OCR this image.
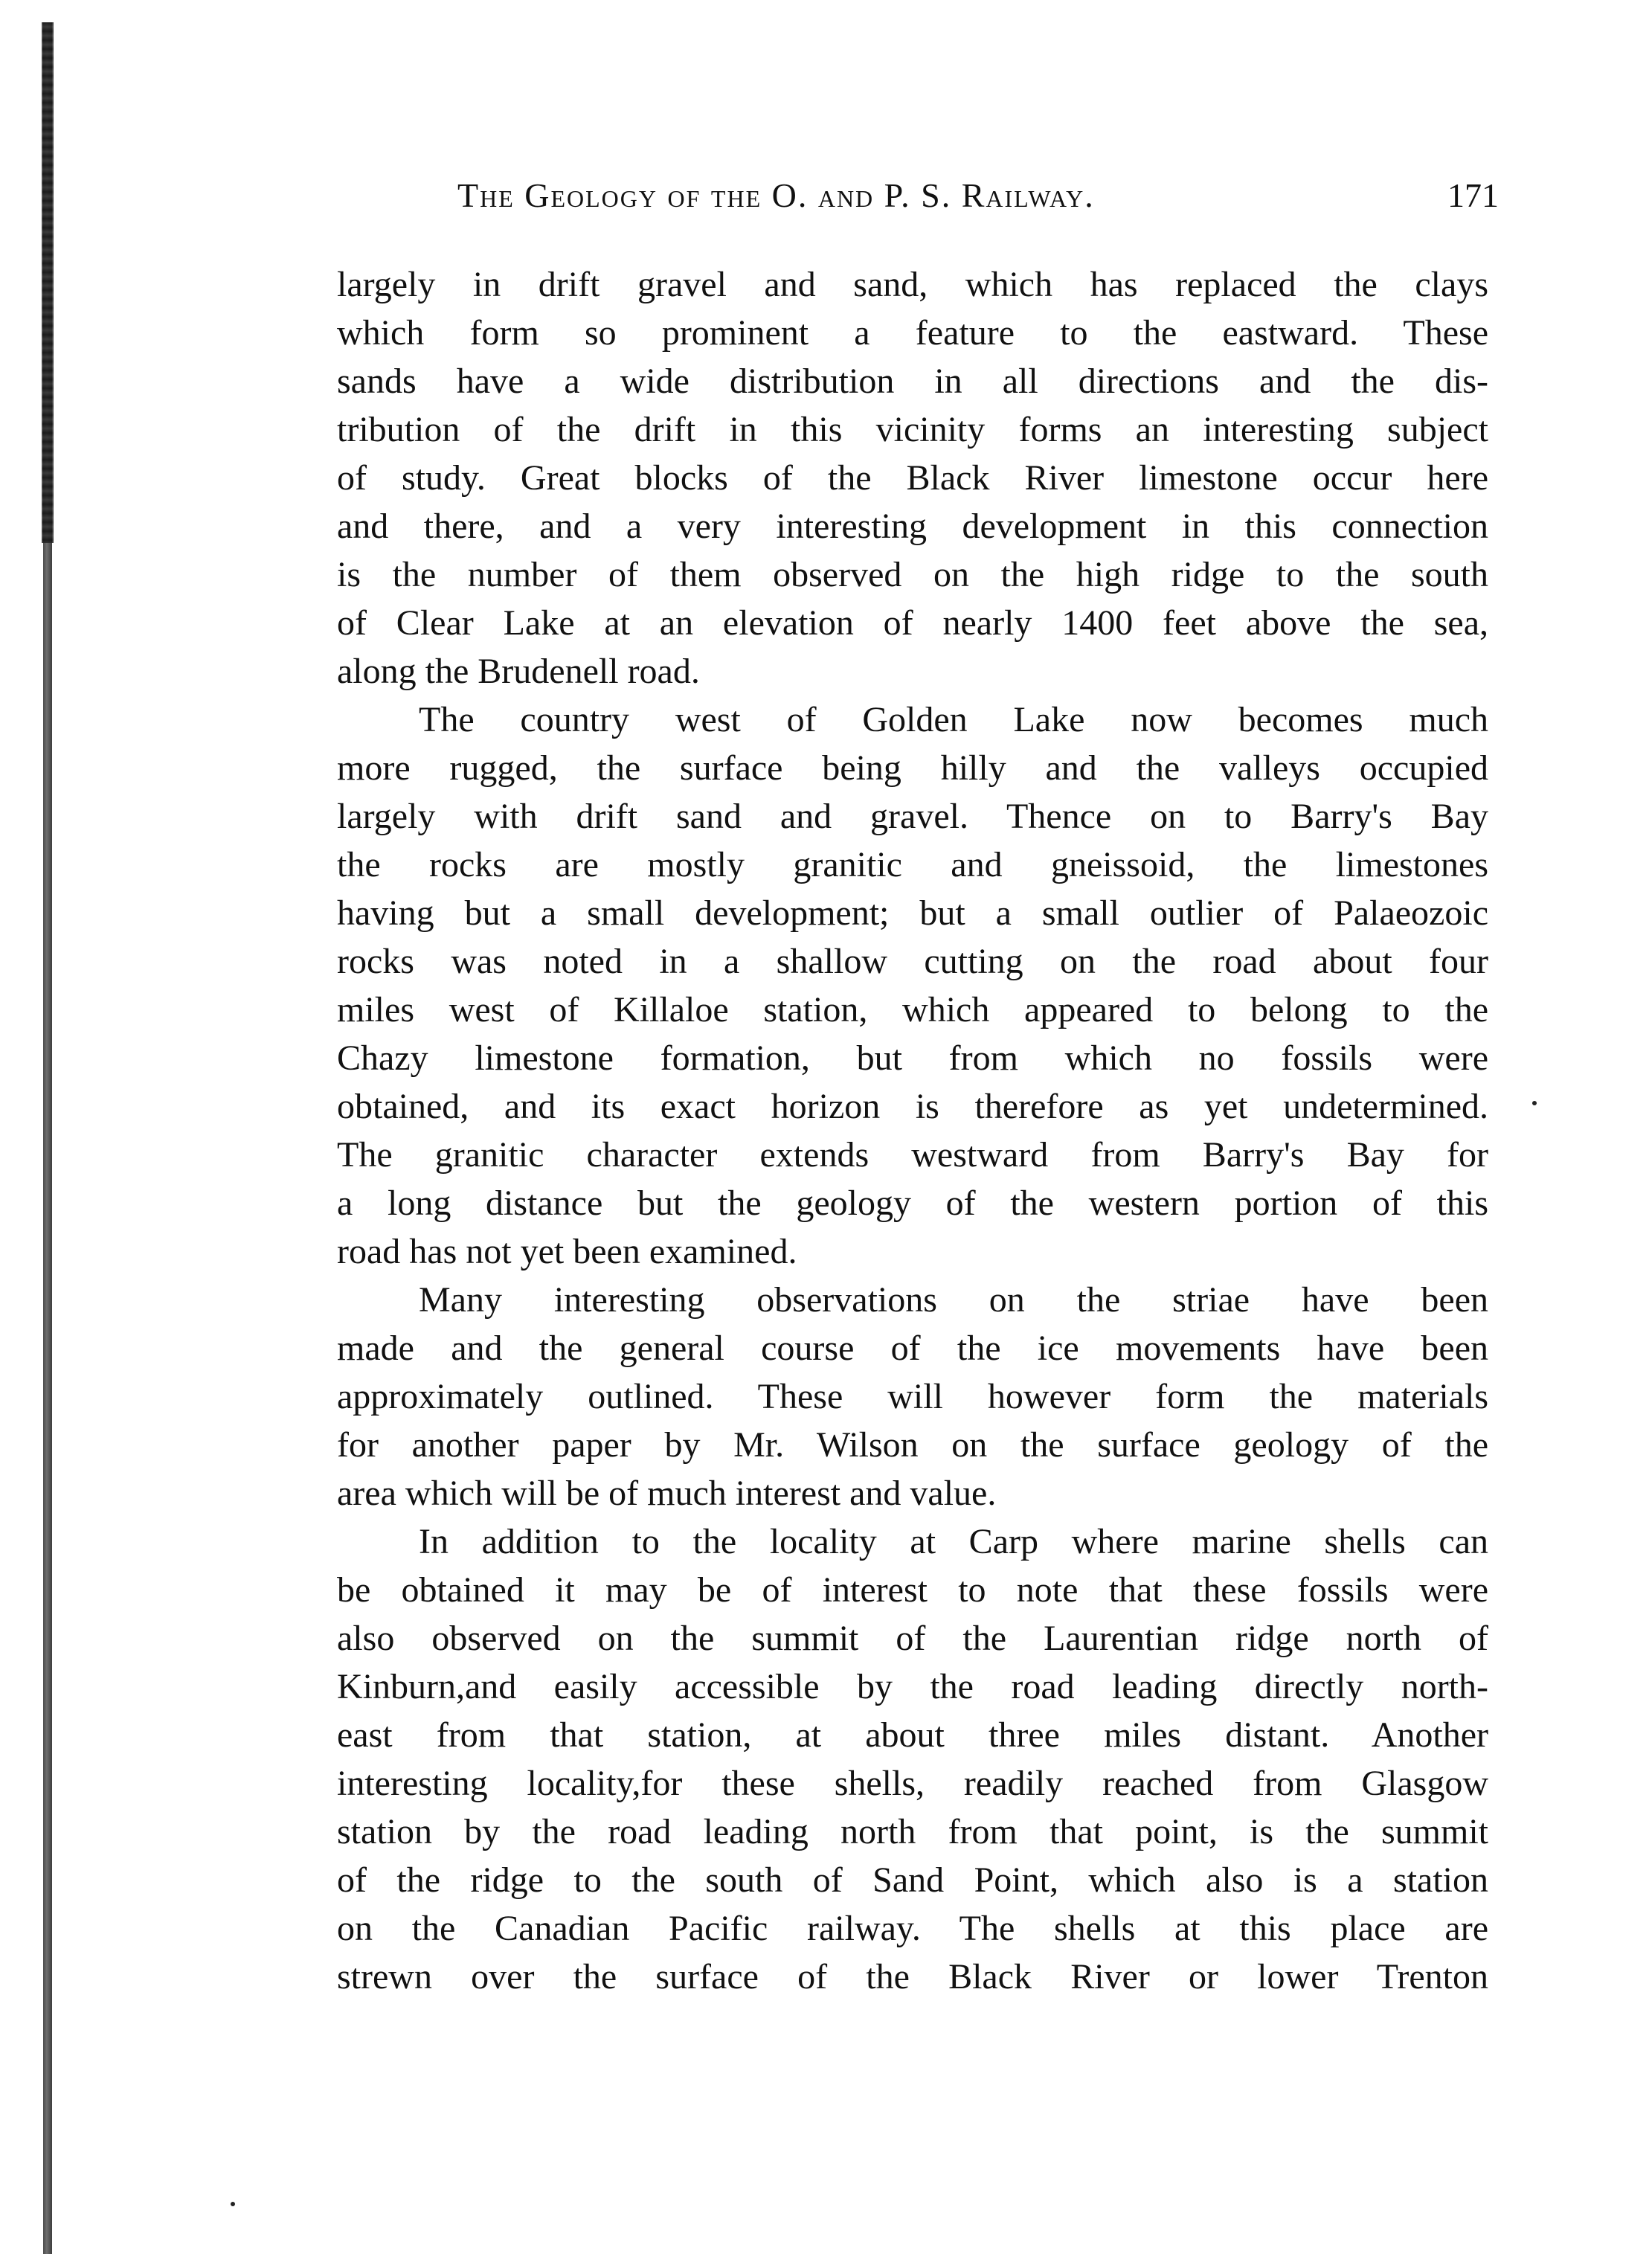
The Geology of the O. and P. S. Railway.	171
largely in drift gravel and sand, which has replaced the clays
which form so prominent a feature to the eastward. These
sands have a wide distribution in all directions and the dis-
tribution of the drift in this vicinity forms an interesting subject
of study. Great blocks of the Black River limestone occur here
and there, and a very interesting development in this connection
is the number of them observed on the high ridge to the south
of Clear Lake at an elevation of nearly 1400 feet above the sea,
along the Brudenell road.
The country west of Golden Lake now becomes much
more rugged, the surface being hilly and the valleys occupied
largely with drift sand and gravel. Thence on to Barry's Bay
the rocks are mostly granitic and gneissoid, the limestones
having but a small development; but a small outlier of Palaeozoic
rocks was noted in a shallow cutting on the road about four
miles west of Killaloe station, which appeared to belong to the
Chazy limestone formation, but from which no fossils were
obtained, and its exact horizon is therefore as yet undetermined.
The granitic character extends westward from Barry's Bay for
a long distance but the geology of the western portion of this
road has not yet been examined.
Many interesting observations on the striae have been
made and the general course of the ice movements have been
approximately outlined. These will however form the materials
for another paper by Mr. Wilson on the surface geology of the
area which will be of much interest and value.
In addition to the locality at Carp where marine shells can
be obtained it may be of interest to note that these fossils were
also observed on the summit of the Laurentian ridge north of
Kinburn,and easily accessible by the road leading directly north-
east from that station, at about three miles distant. Another
interesting locality,for these shells, readily reached from Glasgow
station by the road leading north from that point, is the summit
of the ridge to the south of Sand Point, which also is a station
on the Canadian Pacific railway. The shells at this place are
strewn over the surface of the Black River or lower Trenton
